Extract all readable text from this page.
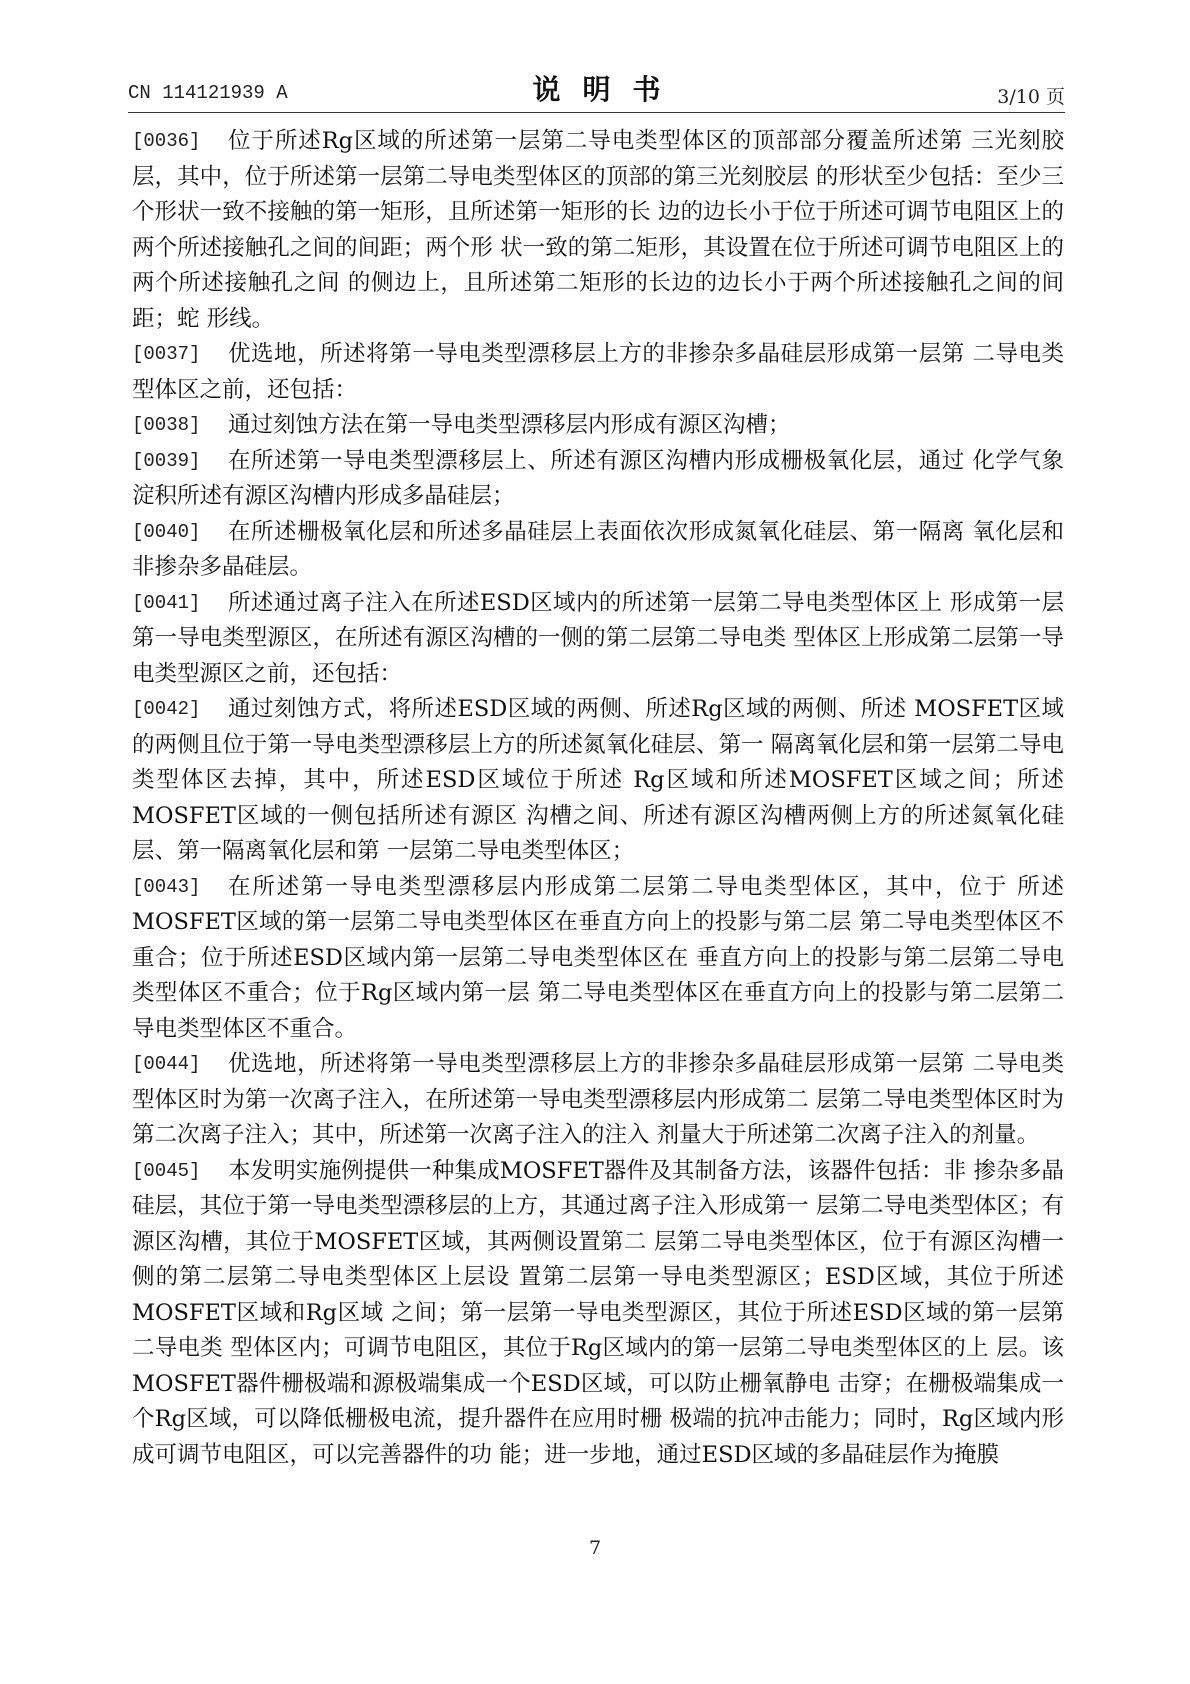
CN 114121939 A	说明书	3/10 页

[0036] 位于所述Rg区域的所述第一层第二导电类型体区的顶部部分覆盖所述第 三光刻胶层，其中，位于所述第一层第二导电类型体区的顶部的第三光刻胶层 的形状至少包括：至少三个形状一致不接触的第一矩形，且所述第一矩形的长 边的边长小于位于所述可调节电阻区上的两个所述接触孔之间的间距；两个形 状一致的第二矩形，其设置在位于所述可调节电阻区上的两个所述接触孔之间 的侧边上，且所述第二矩形的长边的边长小于两个所述接触孔之间的间距；蛇 形线。

[0037] 优选地，所述将第一导电类型漂移层上方的非掺杂多晶硅层形成第一层第 二导电类型体区之前，还包括：

[0038] 通过刻蚀方法在第一导电类型漂移层内形成有源区沟槽；

[0039] 在所述第一导电类型漂移层上、所述有源区沟槽内形成栅极氧化层，通过 化学气象淀积所述有源区沟槽内形成多晶硅层；

[0040] 在所述栅极氧化层和所述多晶硅层上表面依次形成氮氧化硅层、第一隔离 氧化层和非掺杂多晶硅层。

[0041] 所述通过离子注入在所述ESD区域内的所述第一层第二导电类型体区上 形成第一层第一导电类型源区，在所述有源区沟槽的一侧的第二层第二导电类 型体区上形成第二层第一导电类型源区之前，还包括：

[0042] 通过刻蚀方式，将所述ESD区域的两侧、所述Rg区域的两侧、所述 MOSFET区域的两侧且位于第一导电类型漂移层上方的所述氮氧化硅层、第一 隔离氧化层和第一层第二导电类型体区去掉，其中，所述ESD区域位于所述 Rg区域和所述MOSFET区域之间；所述MOSFET区域的一侧包括所述有源区 沟槽之间、所述有源区沟槽两侧上方的所述氮氧化硅层、第一隔离氧化层和第 一层第二导电类型体区；

[0043] 在所述第一导电类型漂移层内形成第二层第二导电类型体区，其中，位于 所述MOSFET区域的第一层第二导电类型体区在垂直方向上的投影与第二层 第二导电类型体区不重合；位于所述ESD区域内第一层第二导电类型体区在 垂直方向上的投影与第二层第二导电类型体区不重合；位于Rg区域内第一层 第二导电类型体区在垂直方向上的投影与第二层第二导电类型体区不重合。

[0044] 优选地，所述将第一导电类型漂移层上方的非掺杂多晶硅层形成第一层第 二导电类型体区时为第一次离子注入，在所述第一导电类型漂移层内形成第二 层第二导电类型体区时为第二次离子注入；其中，所述第一次离子注入的注入 剂量大于所述第二次离子注入的剂量。

[0045] 本发明实施例提供一种集成MOSFET器件及其制备方法，该器件包括：非 掺杂多晶硅层，其位于第一导电类型漂移层的上方，其通过离子注入形成第一 层第二导电类型体区；有源区沟槽，其位于MOSFET区域，其两侧设置第二 层第二导电类型体区，位于有源区沟槽一侧的第二层第二导电类型体区上层设 置第二层第一导电类型源区；ESD区域，其位于所述MOSFET区域和Rg区域 之间；第一层第一导电类型源区，其位于所述ESD区域的第一层第二导电类 型体区内；可调节电阻区，其位于Rg区域内的第一层第二导电类型体区的上 层。该MOSFET器件栅极端和源极端集成一个ESD区域，可以防止栅氧静电 击穿；在栅极端集成一个Rg区域，可以降低栅极电流，提升器件在应用时栅 极端的抗冲击能力；同时，Rg区域内形成可调节电阻区，可以完善器件的功 能；进一步地，通过ESD区域的多晶硅层作为掩膜

7
